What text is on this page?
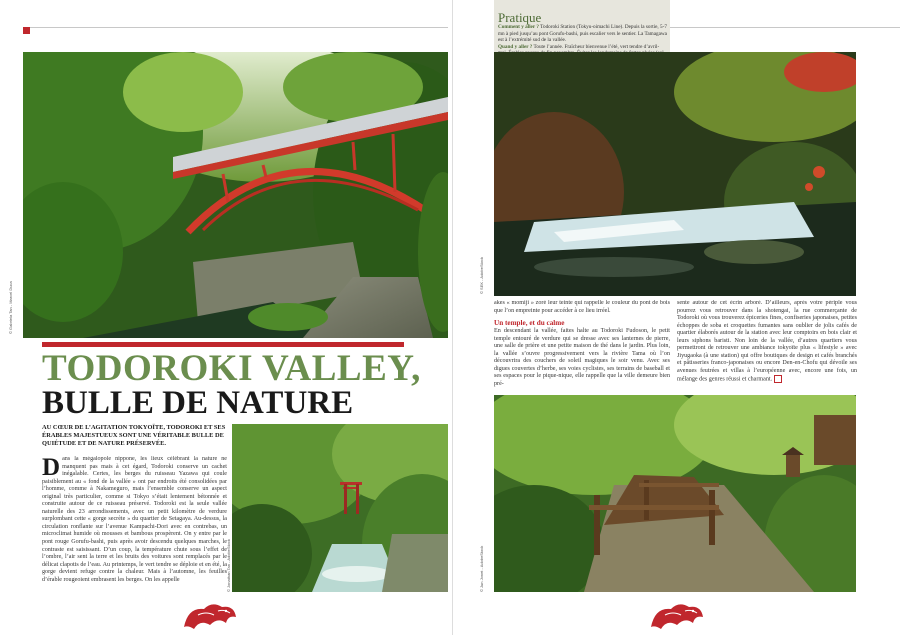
© Gabriela Tan - Marcel Duca
TODOROKI VALLEY,
BULLE DE NATURE
AU CŒUR DE L’AGITATION TOKYOÏTE, TODOROKI ET SES ÉRABLES MAJESTUEUX SONT UNE VÉRITABLE BULLE DE QUIÉTUDE ET DE NATURE PRÉSERVÉE.

Dans la mégalopole nippone, les lieux célébrant la nature ne manquent pas mais à cet égard, Todoroki conserve un cachet inégalable. Certes, les berges du ruisseau Yazawa qui coule paisiblement au « fond de la vallée » ont par endroits été consolidées par l’homme, comme à Nakameguro, mais l’ensemble conserve un aspect original très particulier, comme si Tokyo s’était lentement bétonnée et construite autour de ce ruisseau préservé. Todoroki est la seule vallée naturelle des 23 arrondissements, avec un petit kilomètre de verdure surplombant cette « gorge secrète » du quartier de Setagaya. Au-dessus, la circulation ronflante sur l’avenue Kampachi-Dori avec en contrebas, un microclimat humide où mousses et bambous prospèrent. On y entre par le pont rouge Gorufu-bashi, puis après avoir descendu quelques marches, le contraste est saisissant. D’un coup, la température chute sous l’effet de l’ombre, l’air sent la terre et les bruits des voitures sont remplacés par le délicat clapotis de l’eau. Au printemps, le vert tendre se déploie et en été, la gorge devient refuge contre la chaleur. Mais à l’automne, les feuilles d’érable rougeoient embrasent les berges. On les appelle	© Jonathan Tan - AdobeStock
Pratique
Comment y aller ? Todoroki Station (Tokyu-oimachi Line). Depuis la sortie, 5-7 mn à pied jusqu’au pont Gorufu-bashi, puis escalier vers le sentier. La Tamagawa est à l’extrémité sud de la vallée.
Quand y aller ? Toute l’année. Fraîcheur bienvenue l’été, vert tendre d’avril-
© SEK - AdobeStock

akes « momiji » zoré leur teinte qui rappelle le couleur du pont de bois que l’on empreinte pour accéder à ce lieu irréel.

Un temple, et du calme

En descendant la vallée, faites halte au Todoroki Fudoson, le petit temple entouré de verdure qui se dresse avec ses lanternes de pierre, une salle de prière et une petite maison de thé dans le jardin. Plus loin, la vallée s’ouvre progressivement vers la rivière Tama où l’on découvrira des couchers de soleil magiques le soir venu. Avec ses digues couvertes d’herbe, ses voies cyclistes, ses terrains de baseball et ses espaces pour le pique-nique, elle rappelle que la ville demeure bien pré-

sente autour de cet écrin arboré. D’ailleurs, après votre périple vous pourrez vous retrouver dans la shotengai, la rue commerçante de Todoroki où vous trouverez épiceries fines, confiseries japonaises, petites échoppes de soba et croquettes fumantes sans oublier de jolis cafés de quartier élaborés autour de la station avec leur comptoirs en bois clair et leurs siphons baristi. Non loin de la vallée, d’autres quartiers vous permettront de retrouver une ambiance tokyoïte plus « lifestyle » avec Jiyugaoka (à une station) qui offre boutiques de design et cafés branchés et pâtisseries franco-japonaises ou encore Den-en-Chofu qui dévoile ses avenues feutrées et villas à l’européenne avec, encore une fois, un mélange des genres réussi et charmant.

© Jun Jonet - AdobeStock
